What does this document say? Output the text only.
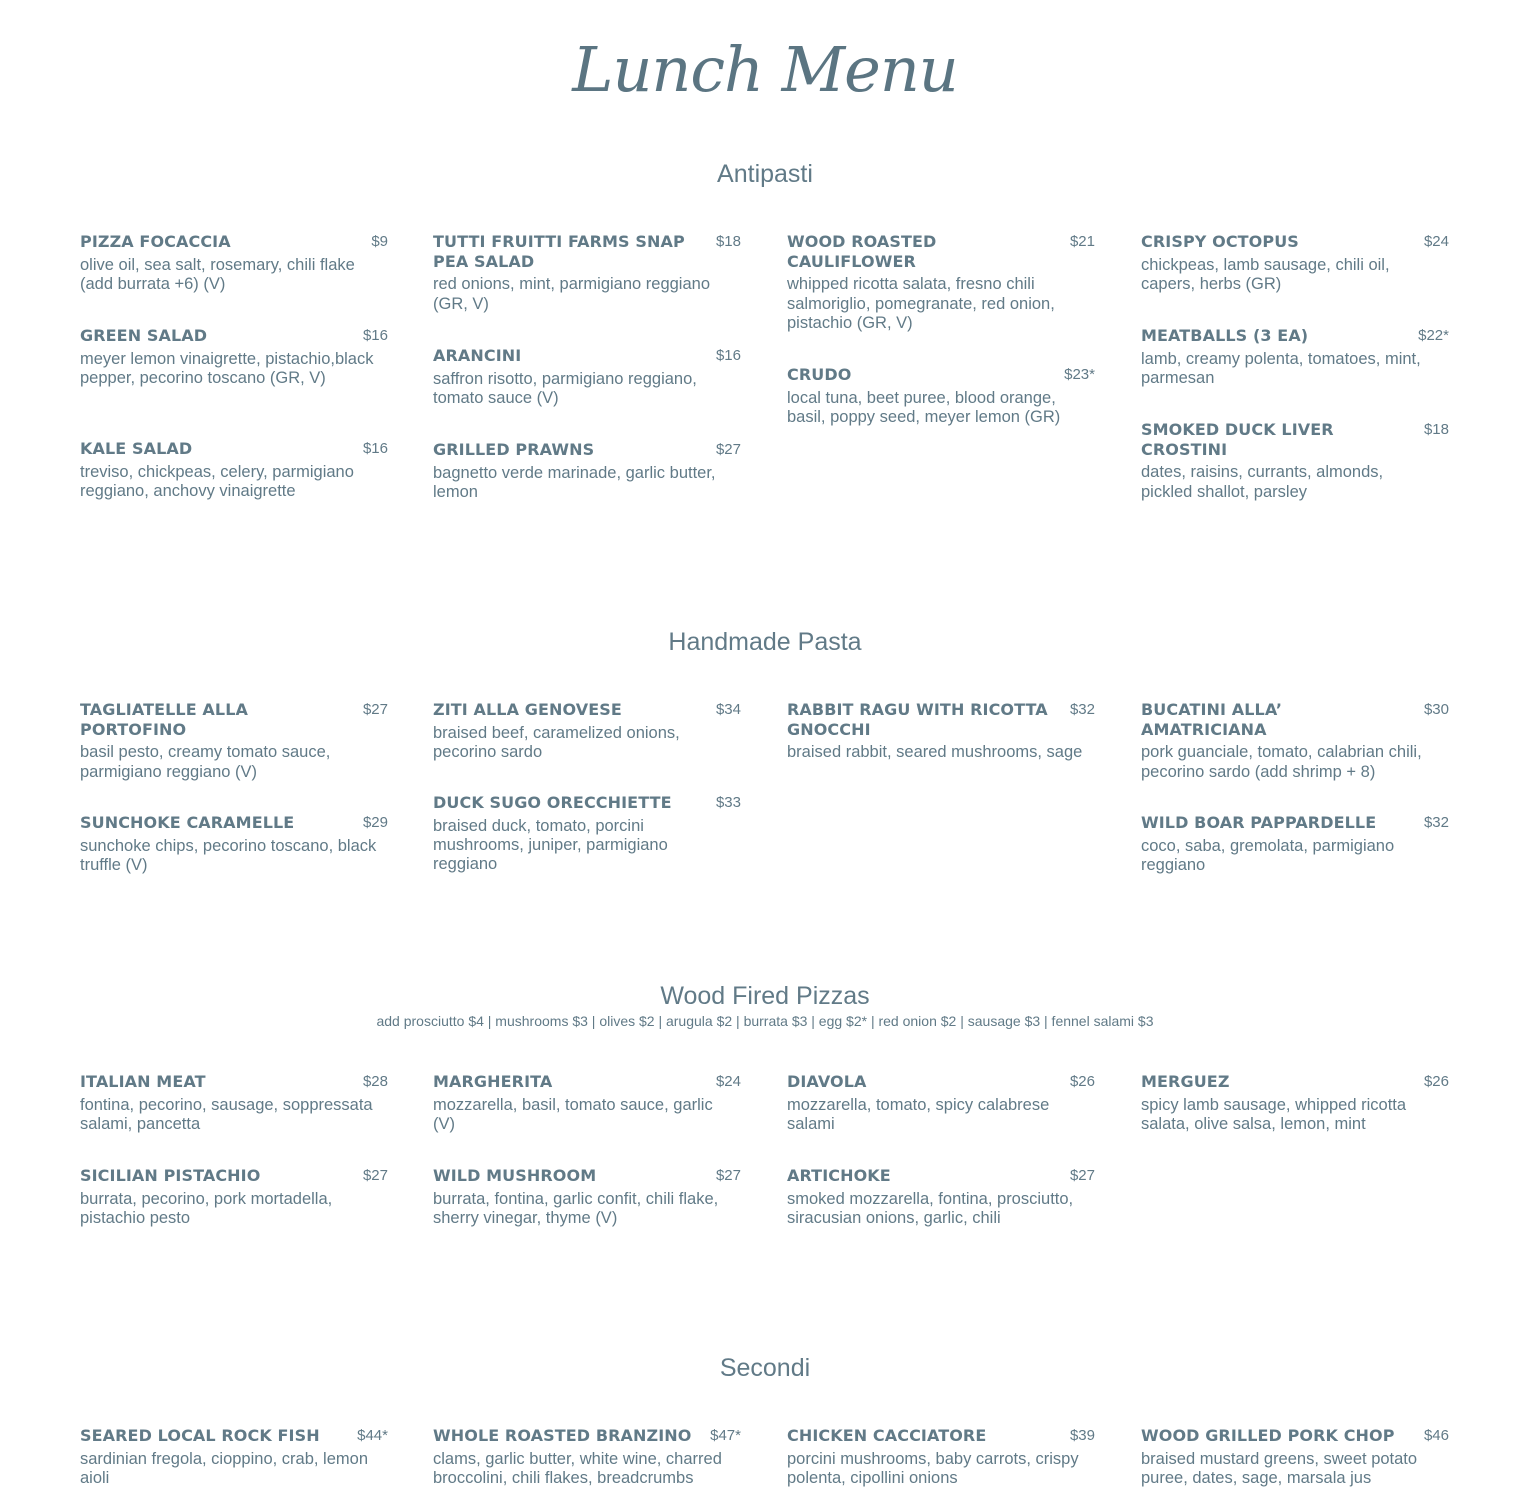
Lunch Menu
Antipasti
Handmade Pasta
Wood Fired Pizzas
add prosciutto $4 | mushrooms $3 | olives $2 | arugula $2 | burrata $3 | egg $2* | red onion $2 | sausage $3 | fennel salami $3
Secondi
PIZZA FOCACCIA	$9
olive oil, sea salt, rosemary, chili flake (add burrata +6) (V)
GREEN SALAD	$16
meyer lemon vinaigrette, pistachio,black pepper, pecorino toscano (GR, V)
KALE SALAD	$16
treviso, chickpeas, celery, parmigiano reggiano, anchovy vinaigrette
TUTTI FRUITTI FARMS SNAP PEA SALAD
$18
red onions, mint, parmigiano reggiano (GR, V)
ARANCINI	$16
saffron risotto, parmigiano reggiano, tomato sauce (V)
GRILLED PRAWNS	$27
bagnetto verde marinade, garlic butter, lemon
WOOD ROASTED CAULIFLOWER
$21
whipped ricotta salata, fresno chili salmoriglio, pomegranate, red onion, pistachio (GR, V)
CRUDO	$23*
local tuna, beet puree, blood orange, basil, poppy seed, meyer lemon (GR)
CRISPY OCTOPUS	$24
chickpeas, lamb sausage, chili oil, capers, herbs (GR)
MEATBALLS (3 EA)	$22*
lamb, creamy polenta, tomatoes, mint, parmesan
SMOKED DUCK LIVER CROSTINI
$18
dates, raisins, currants, almonds, pickled shallot, parsley
TAGLIATELLE ALLA PORTOFINO
$27
basil pesto, creamy tomato sauce, parmigiano reggiano (V)
SUNCHOKE CARAMELLE	$29
sunchoke chips, pecorino toscano, black truffle (V)
ZITI ALLA GENOVESE	$34
braised beef, caramelized onions, pecorino sardo
DUCK SUGO ORECCHIETTE	$33
braised duck, tomato, porcini mushrooms, juniper, parmigiano reggiano
RABBIT RAGU WITH RICOTTA GNOCCHI
$32
braised rabbit, seared mushrooms, sage
BUCATINI ALLA’ AMATRICIANA
$30
pork guanciale, tomato, calabrian chili, pecorino sardo (add shrimp + 8)
WILD BOAR PAPPARDELLE	$32
coco, saba, gremolata, parmigiano reggiano
ITALIAN MEAT	$28
fontina, pecorino, sausage, soppressata salami, pancetta
SICILIAN PISTACHIO	$27
burrata, pecorino, pork mortadella, pistachio pesto
MARGHERITA	$24
mozzarella, basil, tomato sauce, garlic (V)
WILD MUSHROOM	$27
burrata, fontina, garlic confit, chili flake, sherry vinegar, thyme (V)
DIAVOLA	$26
mozzarella, tomato, spicy calabrese salami
ARTICHOKE	$27
smoked mozzarella, fontina, prosciutto, siracusian onions, garlic, chili
MERGUEZ	$26
spicy lamb sausage, whipped ricotta salata, olive salsa, lemon, mint
SEARED LOCAL ROCK FISH	$44*
sardinian fregola, cioppino, crab, lemon aioli
WHOLE ROASTED BRANZINO	$47*
clams, garlic butter, white wine, charred broccolini, chili flakes, breadcrumbs
CHICKEN CACCIATORE	$39
porcini mushrooms, baby carrots, crispy polenta, cipollini onions
WOOD GRILLED PORK CHOP	$46
braised mustard greens, sweet potato puree, dates, sage, marsala jus
